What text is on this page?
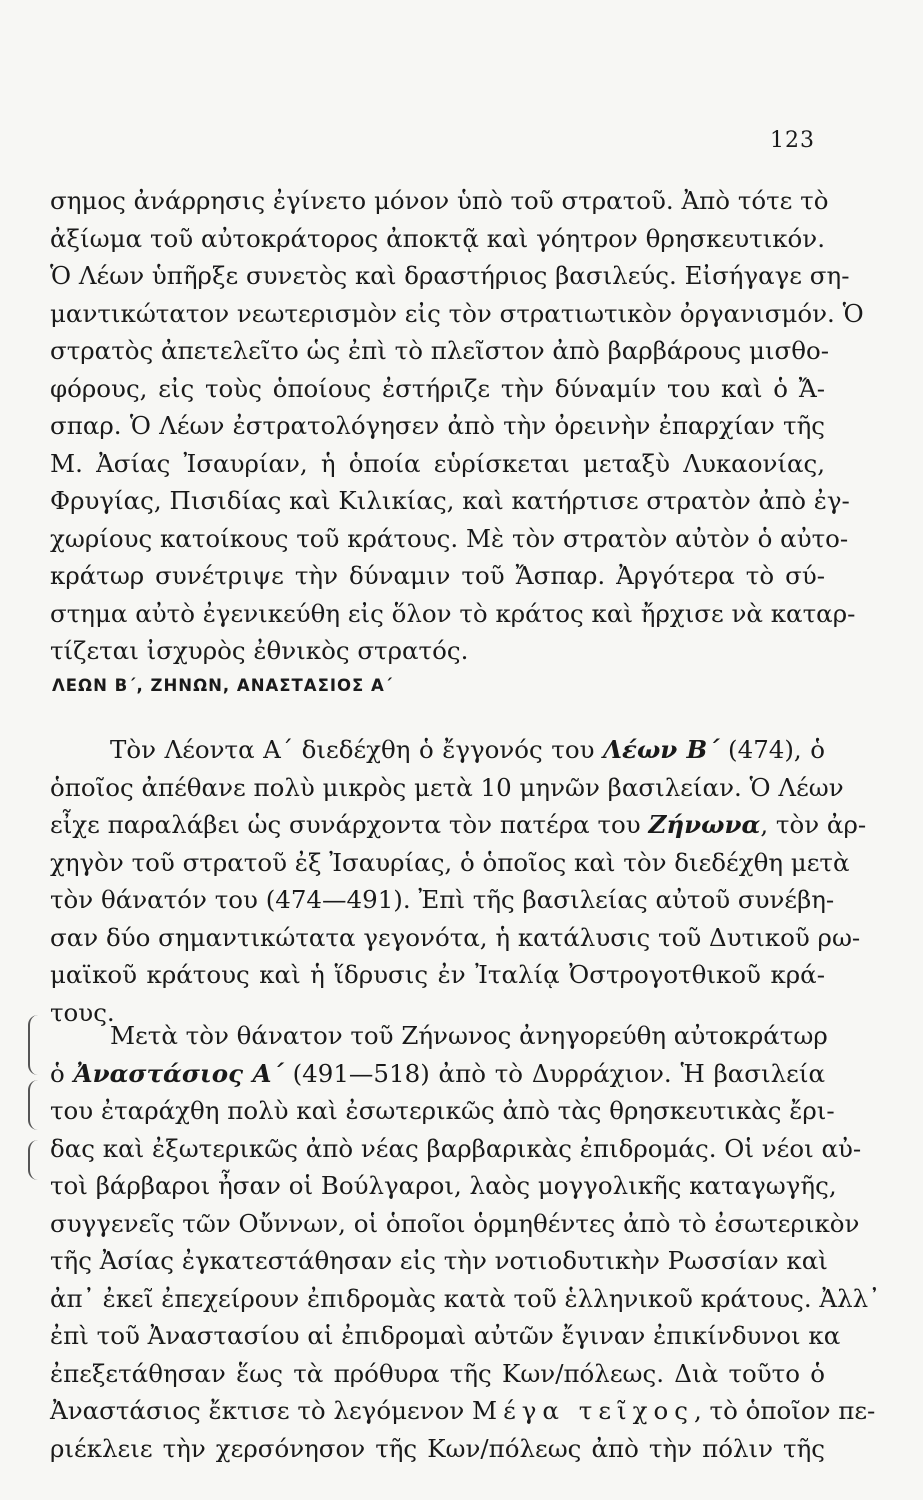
123
σημος ἀνάρρησις ἐγίνετο μόνον ὑπὸ τοῦ στρατοῦ. Ἀπὸ τότε τὸ
ἀξίωμα τοῦ αὐτοκράτορος ἀποκτᾷ καὶ γόητρον θρησκευτικόν.
Ὁ Λέων ὑπῆρξε συνετὸς καὶ δραστήριος βασιλεύς. Εἰσήγαγε ση-
μαντικώτατον νεωτερισμὸν εἰς τὸν στρατιωτικὸν ὀργανισμόν. Ὁ
στρατὸς ἀπετελεῖτο ὡς ἐπὶ τὸ πλεῖστον ἀπὸ βαρβάρους μισθο-
φόρους, εἰς τοὺς ὁποίους ἐστήριζε τὴν δύναμίν του καὶ ὁ Ἄ-
σπαρ. Ὁ Λέων ἐστρατολόγησεν ἀπὸ τὴν ὀρεινὴν ἐπαρχίαν τῆς
Μ. Ἀσίας Ἰσαυρίαν, ἡ ὁποία εὑρίσκεται μεταξὺ Λυκαονίας,
Φρυγίας, Πισιδίας καὶ Κιλικίας, καὶ κατήρτισε στρατὸν ἀπὸ ἐγ-
χωρίους κατοίκους τοῦ κράτους. Μὲ τὸν στρατὸν αὐτὸν ὁ αὐτο-
κράτωρ συνέτριψε τὴν δύναμιν τοῦ Ἄσπαρ. Ἀργότερα τὸ σύ-
στημα αὐτὸ ἐγενικεύθη εἰς ὅλον τὸ κράτος καὶ ἤρχισε νὰ καταρ-
τίζεται ἰσχυρὸς ἐθνικὸς στρατός.
ΛΕΩΝ Β΄, ΖΗΝΩΝ, ΑΝΑΣΤΑΣΙΟΣ Α΄
Τὸν Λέοντα Α΄ διεδέχθη ὁ ἔγγονός του Λέων Β΄ (474), ὁ
ὁποῖος ἀπέθανε πολὺ μικρὸς μετὰ 10 μηνῶν βασιλείαν. Ὁ Λέων
εἶχε παραλάβει ὡς συνάρχοντα τὸν πατέρα του Ζήνωνα, τὸν ἀρ-
χηγὸν τοῦ στρατοῦ ἐξ Ἰσαυρίας, ὁ ὁποῖος καὶ τὸν διεδέχθη μετὰ
τὸν θάνατόν του (474—491). Ἐπὶ τῆς βασιλείας αὐτοῦ συνέβη-
σαν δύο σημαντικώτατα γεγονότα, ἡ κατάλυσις τοῦ Δυτικοῦ ρω-
μαϊκοῦ κράτους καὶ ἡ ἵδρυσις ἐν Ἰταλίᾳ Ὀστρογοτθικοῦ κρά-
τους.
Μετὰ τὸν θάνατον τοῦ Ζήνωνος ἀνηγορεύθη αὐτοκράτωρ
ὁ Ἀναστάσιος Α΄ (491—518) ἀπὸ τὸ Δυρράχιον. Ἡ βασιλεία
του ἐταράχθη πολὺ καὶ ἐσωτερικῶς ἀπὸ τὰς θρησκευτικὰς ἔρι-
δας καὶ ἐξωτερικῶς ἀπὸ νέας βαρβαρικὰς ἐπιδρομάς. Οἱ νέοι αὐ-
τοὶ βάρβαροι ἦσαν οἱ Βούλγαροι, λαὸς μογγολικῆς καταγωγῆς,
συγγενεῖς τῶν Οὔννων, οἱ ὁποῖοι ὁρμηθέντες ἀπὸ τὸ ἐσωτερικὸν
τῆς Ἀσίας ἐγκατεστάθησαν εἰς τὴν νοτιοδυτικὴν Ρωσσίαν καὶ
ἀπ᾽ ἐκεῖ ἐπεχείρουν ἐπιδρομὰς κατὰ τοῦ ἑλληνικοῦ κράτους. Ἀλλ᾽
ἐπὶ τοῦ Ἀναστασίου αἱ ἐπιδρομαὶ αὐτῶν ἔγιναν ἐπικίνδυνοι κα
ἐπεξετάθησαν ἕως τὰ πρόθυρα τῆς Κων/πόλεως. Διὰ τοῦτο ὁ
Ἀναστάσιος ἔκτισε τὸ λεγόμενον Μέγα τεῖχος, τὸ ὁποῖον πε-
ριέκλειε τὴν χερσόνησον τῆς Κων/πόλεως ἀπὸ τὴν πόλιν τῆς
